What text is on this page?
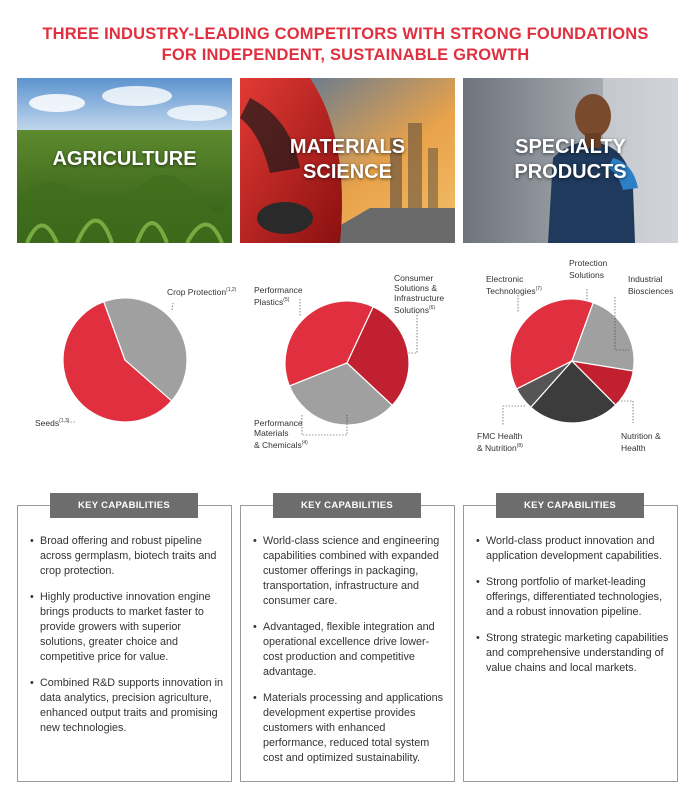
THREE INDUSTRY-LEADING COMPETITORS WITH STRONG FOUNDATIONS
FOR INDEPENDENT, SUSTAINABLE GROWTH
AGRICULTURE
MATERIALS
SCIENCE
SPECIALTY
PRODUCTS
Crop Protection$^{(1,2)}$
Seeds$^{(1,3)}$
Consumer
Solutions &
Infrastructure
Solutions$^{(6)}$
Performance
Materials
& Chemicals$^{(4)}$
Performance
Plastics$^{(5)}$
Protection
Solutions	Industrial
Biosciences
Nutrition &
Health
FMC Health
& Nutrition$^{(8)}$
Electronic
Technologies$^{(7)}$
• Broad offering and robust pipeline across germplasm, biotech traits and crop protection.
• Highly productive innovation engine brings products to market faster to provide growers with superior solutions, greater choice and competitive price for value.
• Combined R&D supports innovation in data analytics, precision agriculture, enhanced output traits and promising new technologies.
KEY CAPABILITIES
• World-class science and engineering capabilities combined with expanded customer offerings in packaging, transportation, infrastructure and consumer care.
• Advantaged, flexible integration and operational excellence drive lower-cost production and competitive advantage.
• Materials processing and applications development expertise provides customers with enhanced performance, reduced total system cost and optimized sustainability.
KEY CAPABILITIES
• World-class product innovation and application development capabilities.
• Strong portfolio of market-leading offerings, differentiated technologies, and a robust innovation pipeline.
• Strong strategic marketing capabilities and comprehensive understanding of value chains and local markets.
KEY CAPABILITIES
